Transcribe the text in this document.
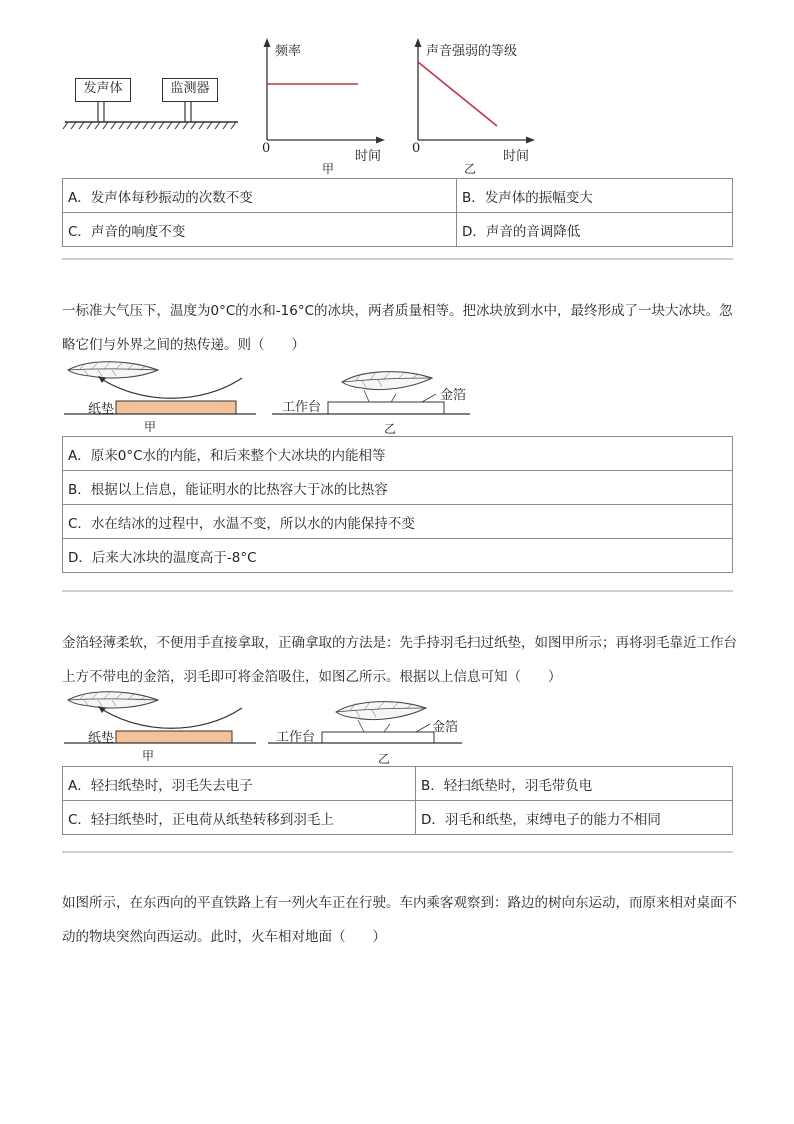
发声体	监测器
频率
0
时间
甲
声音强弱的等级
0
时间
乙
A．发声体每秒振动的次数不变	B．发声体的振幅变大
C．声音的响度不变	D．声音的音调降低
一标准大气压下，温度为0°C的水和-16°C的冰块，两者质量相等。把冰块放到水中，最终形成了一块大冰块。忽略它们与外界之间的热传递。则（　　）
纸垫
甲
工作台
金箔
乙
A．原来0°C水的内能，和后来整个大冰块的内能相等
B．根据以上信息，能证明水的比热容大于冰的比热容
C．水在结冰的过程中，水温不变，所以水的内能保持不变
D．后来大冰块的温度高于-8°C
金箔轻薄柔软，不便用手直接拿取，正确拿取的方法是：先手持羽毛扫过纸垫，如图甲所示；再将羽毛靠近工作台上方不带电的金箔，羽毛即可将金箔吸住，如图乙所示。根据以上信息可知（　　）
纸垫
甲
工作台
金箔
乙
A．轻扫纸垫时，羽毛失去电子	B．轻扫纸垫时，羽毛带负电
C．轻扫纸垫时，正电荷从纸垫转移到羽毛上	D．羽毛和纸垫，束缚电子的能力不相同
如图所示，在东西向的平直铁路上有一列火车正在行驶。车内乘客观察到：路边的树向东运动，而原来相对桌面不动的物块突然向西运动。此时，火车相对地面（　　）
